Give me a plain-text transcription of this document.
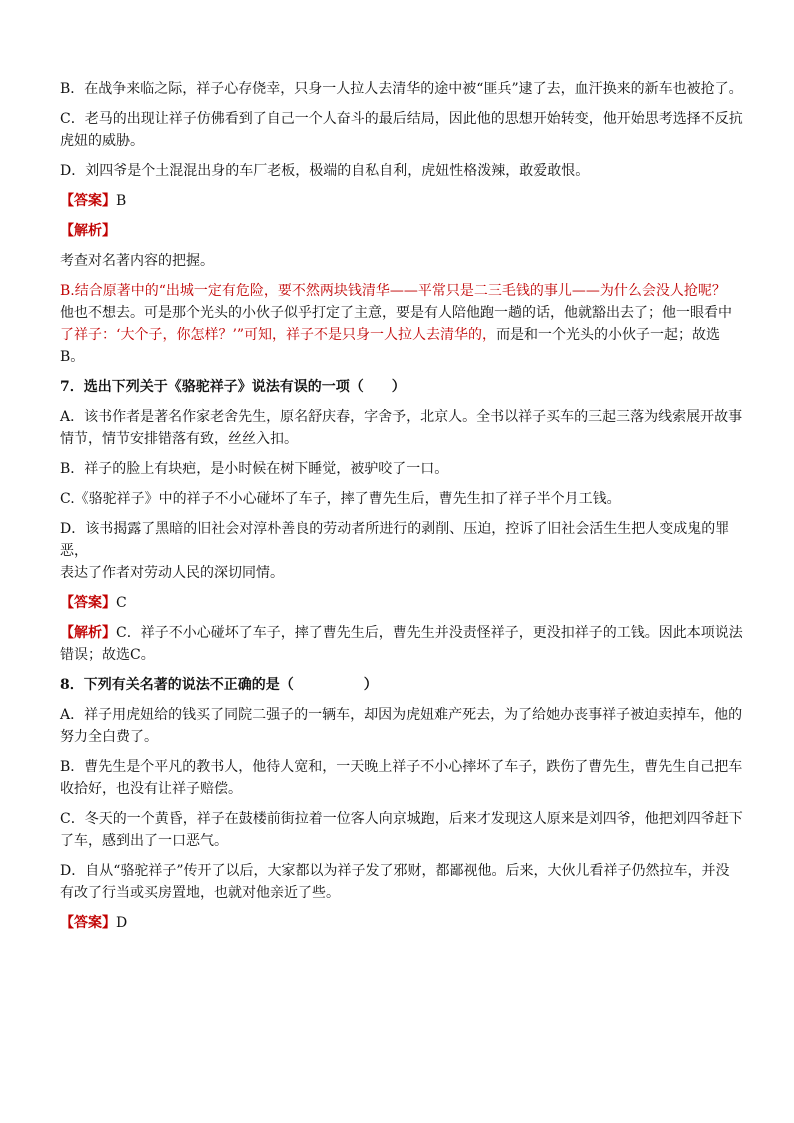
B．在战争来临之际，祥子心存侥幸，只身一人拉人去清华的途中被“匪兵”逮了去，血汗换来的新车也被抢了。
C．老马的出现让祥子仿佛看到了自己一个人奋斗的最后结局，因此他的思想开始转变，他开始思考选择不反抗
虎妞的威胁。
D．刘四爷是个土混混出身的车厂老板，极端的自私自利，虎妞性格泼辣，敢爱敢恨。
【答案】B
【解析】
考查对名著内容的把握。
B.结合原著中的“出城一定有危险，要不然两块钱清华——平常只是二三毛钱的事儿——为什么会没人抢呢？
他也不想去。可是那个光头的小伙子似乎打定了主意，要是有人陪他跑一趟的话，他就豁出去了；他一眼看中
了祥子：‘大个子，你怎样？’”可知，祥子不是只身一人拉人去清华的，而是和一个光头的小伙子一起；故选
B。
7．选出下列关于《骆驼祥子》说法有误的一项（　　）
A．该书作者是著名作家老舍先生，原名舒庆春，字舍予，北京人。全书以祥子买车的三起三落为线索展开故事
情节，情节安排错落有致，丝丝入扣。
B．祥子的脸上有块疤，是小时候在树下睡觉，被驴咬了一口。
C.《骆驼祥子》中的祥子不小心碰坏了车子，摔了曹先生后，曹先生扣了祥子半个月工钱。
D．该书揭露了黑暗的旧社会对淳朴善良的劳动者所进行的剥削、压迫，控诉了旧社会活生生把人变成鬼的罪恶，
表达了作者对劳动人民的深切同情。
【答案】C
【解析】C．祥子不小心碰坏了车子，摔了曹先生后，曹先生并没责怪祥子，更没扣祥子的工钱。因此本项说法
错误；故选C。
8．下列有关名著的说法不正确的是（　　　　　）
A．祥子用虎妞给的钱买了同院二强子的一辆车，却因为虎妞难产死去，为了给她办丧事祥子被迫卖掉车，他的
努力全白费了。
B．曹先生是个平凡的教书人，他待人宽和，一天晚上祥子不小心摔坏了车子，跌伤了曹先生，曹先生自己把车
收拾好，也没有让祥子赔偿。
C．冬天的一个黄昏，祥子在鼓楼前街拉着一位客人向京城跑，后来才发现这人原来是刘四爷，他把刘四爷赶下
了车，感到出了一口恶气。
D．自从“骆驼祥子”传开了以后，大家都以为祥子发了邪财，都鄙视他。后来，大伙儿看祥子仍然拉车，并没
有改了行当或买房置地，也就对他亲近了些。
【答案】D
